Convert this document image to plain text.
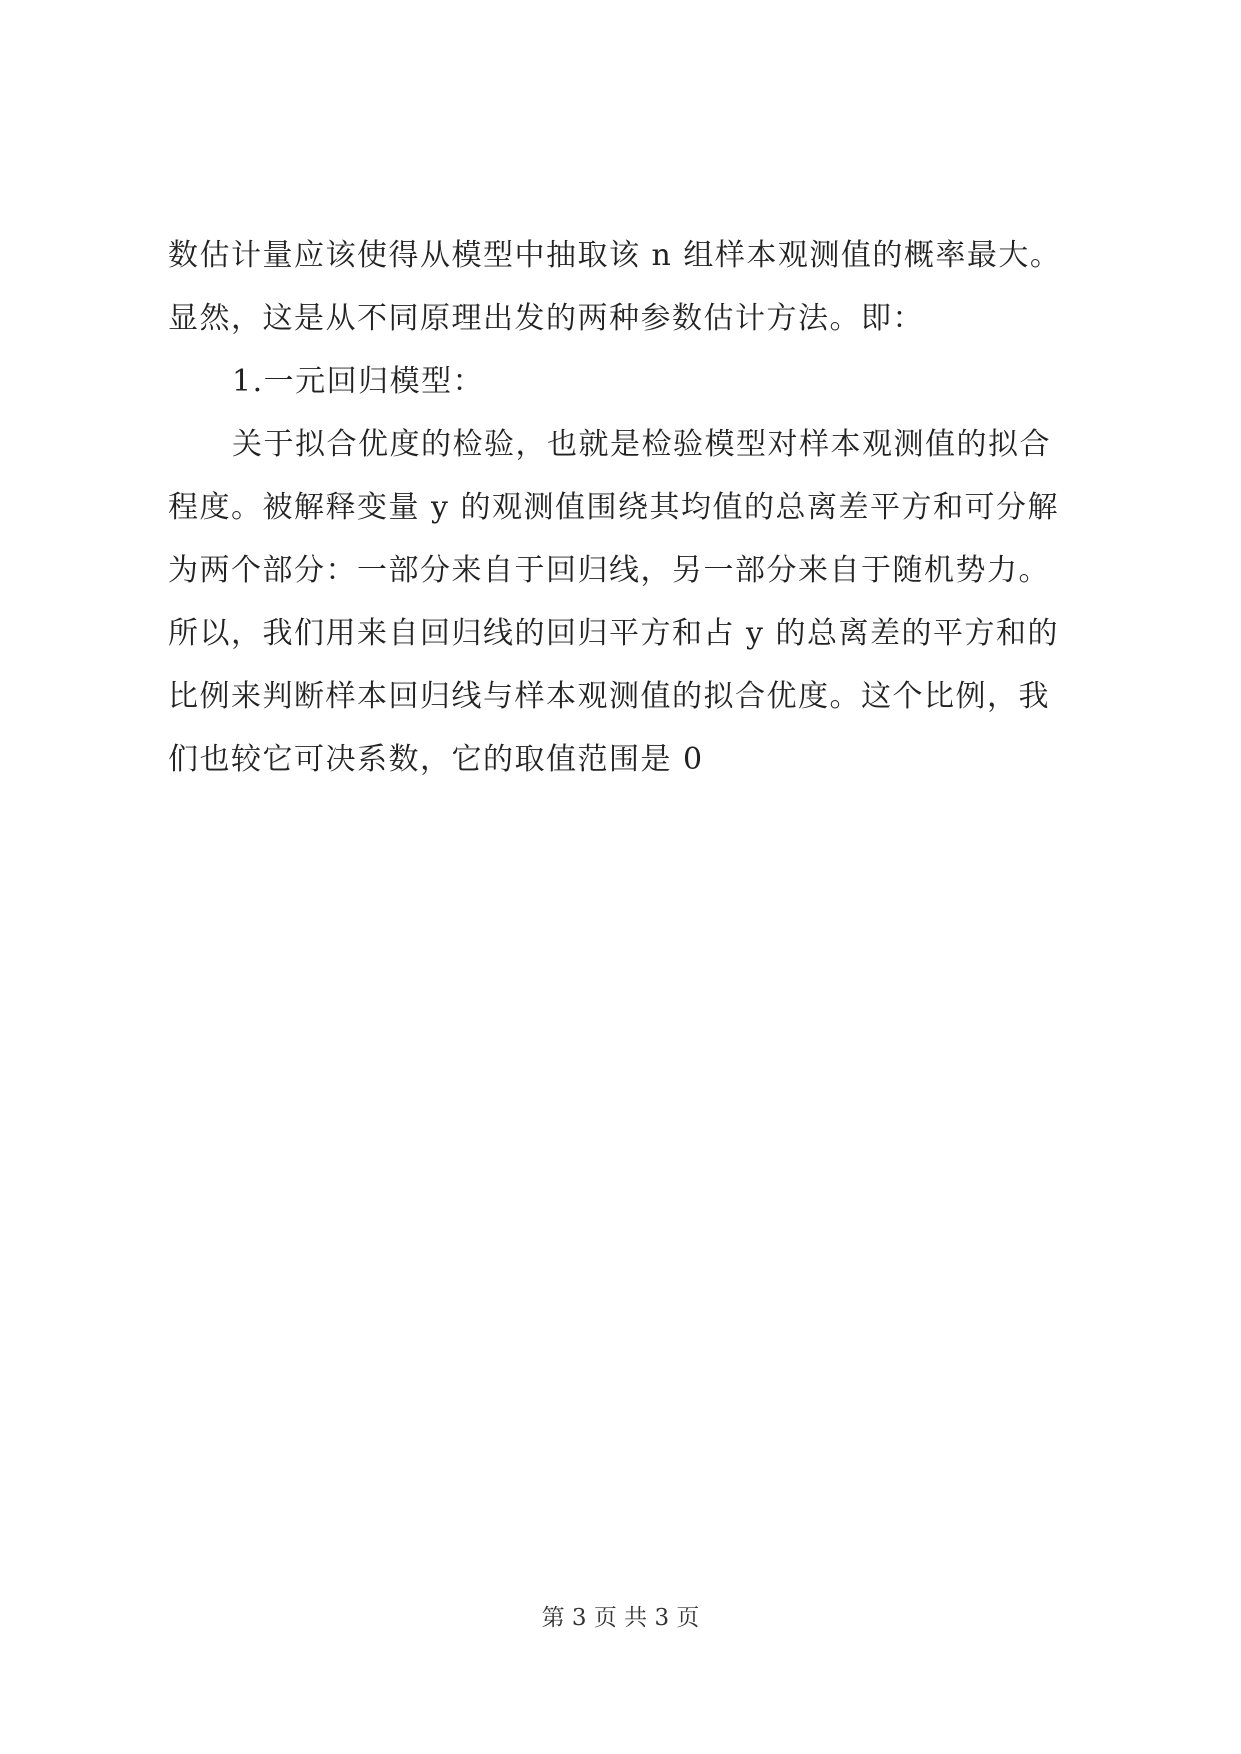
数估计量应该使得从模型中抽取该 n 组样本观测值的概率最大。
显然，这是从不同原理出发的两种参数估计方法。即：
1.一元回归模型：
关于拟合优度的检验，也就是检验模型对样本观测值的拟合
程度。被解释变量 y 的观测值围绕其均值的总离差平方和可分解
为两个部分：一部分来自于回归线，另一部分来自于随机势力。
所以，我们用来自回归线的回归平方和占 y 的总离差的平方和的
比例来判断样本回归线与样本观测值的拟合优度。这个比例，我
们也较它可决系数，它的取值范围是 0
第 3 页 共 3 页
